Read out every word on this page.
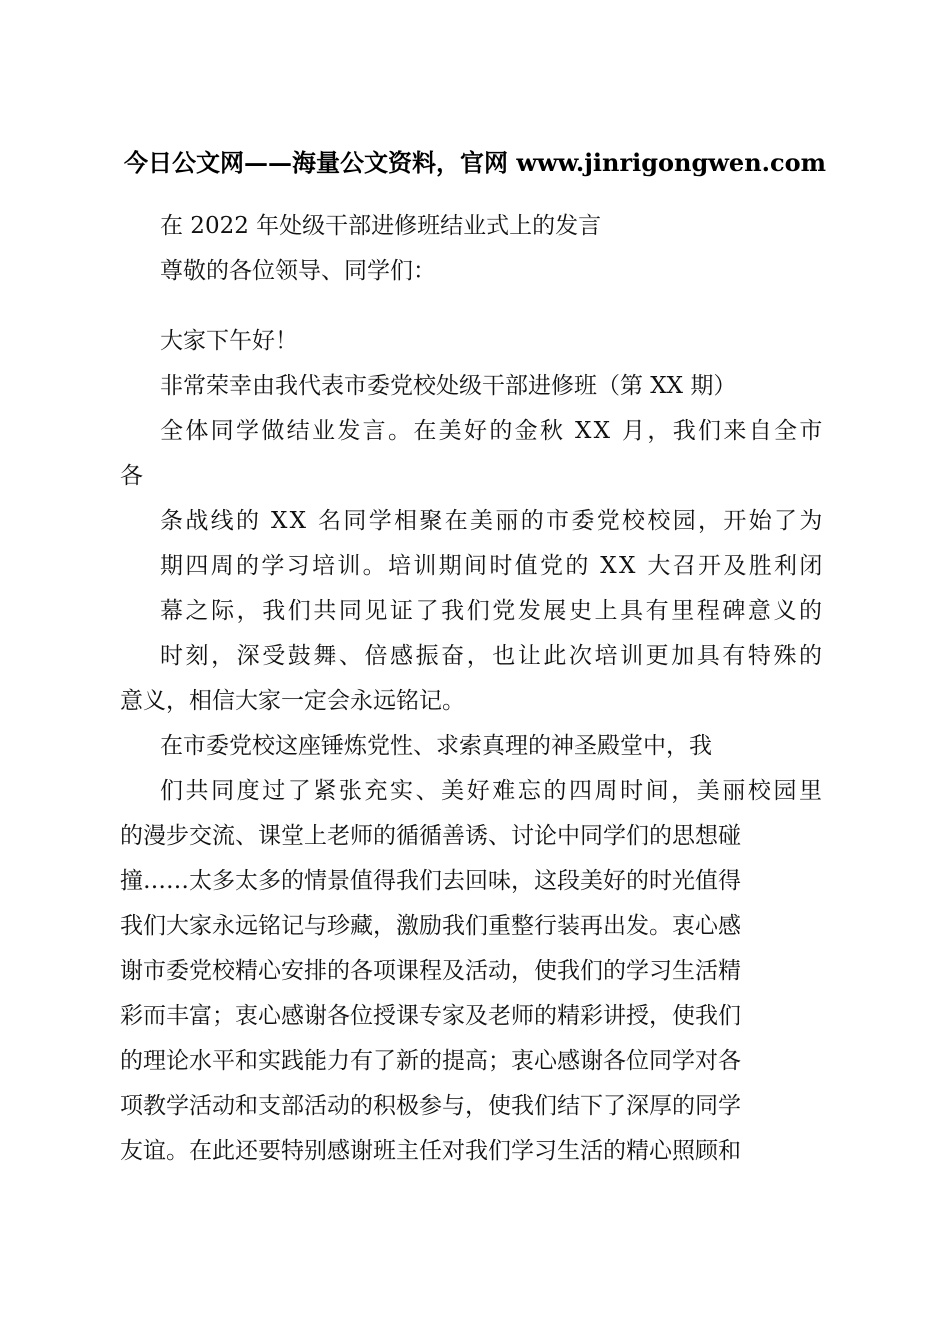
今日公文网——海量公文资料，官网 www.jinrigongwen.com
在 2022 年处级干部进修班结业式上的发言
尊敬的各位领导、同学们：
大家下午好！
非常荣幸由我代表市委党校处级干部进修班（第 XX 期）
全体同学做结业发言。在美好的金秋 XX 月，我们来自全市
各
条战线的 XX 名同学相聚在美丽的市委党校校园，开始了为
期四周的学习培训。培训期间时值党的 XX 大召开及胜利闭
幕之际，我们共同见证了我们党发展史上具有里程碑意义的
时刻，深受鼓舞、倍感振奋，也让此次培训更加具有特殊的
意义，相信大家一定会永远铭记。
在市委党校这座锤炼党性、求索真理的神圣殿堂中，我
们共同度过了紧张充实、美好难忘的四周时间，美丽校园里
的漫步交流、课堂上老师的循循善诱、讨论中同学们的思想碰
撞……太多太多的情景值得我们去回味，这段美好的时光值得
我们大家永远铭记与珍藏，激励我们重整行装再出发。衷心感
谢市委党校精心安排的各项课程及活动，使我们的学习生活精
彩而丰富；衷心感谢各位授课专家及老师的精彩讲授，使我们
的理论水平和实践能力有了新的提高；衷心感谢各位同学对各
项教学活动和支部活动的积极参与，使我们结下了深厚的同学
友谊。在此还要特别感谢班主任对我们学习生活的精心照顾和
